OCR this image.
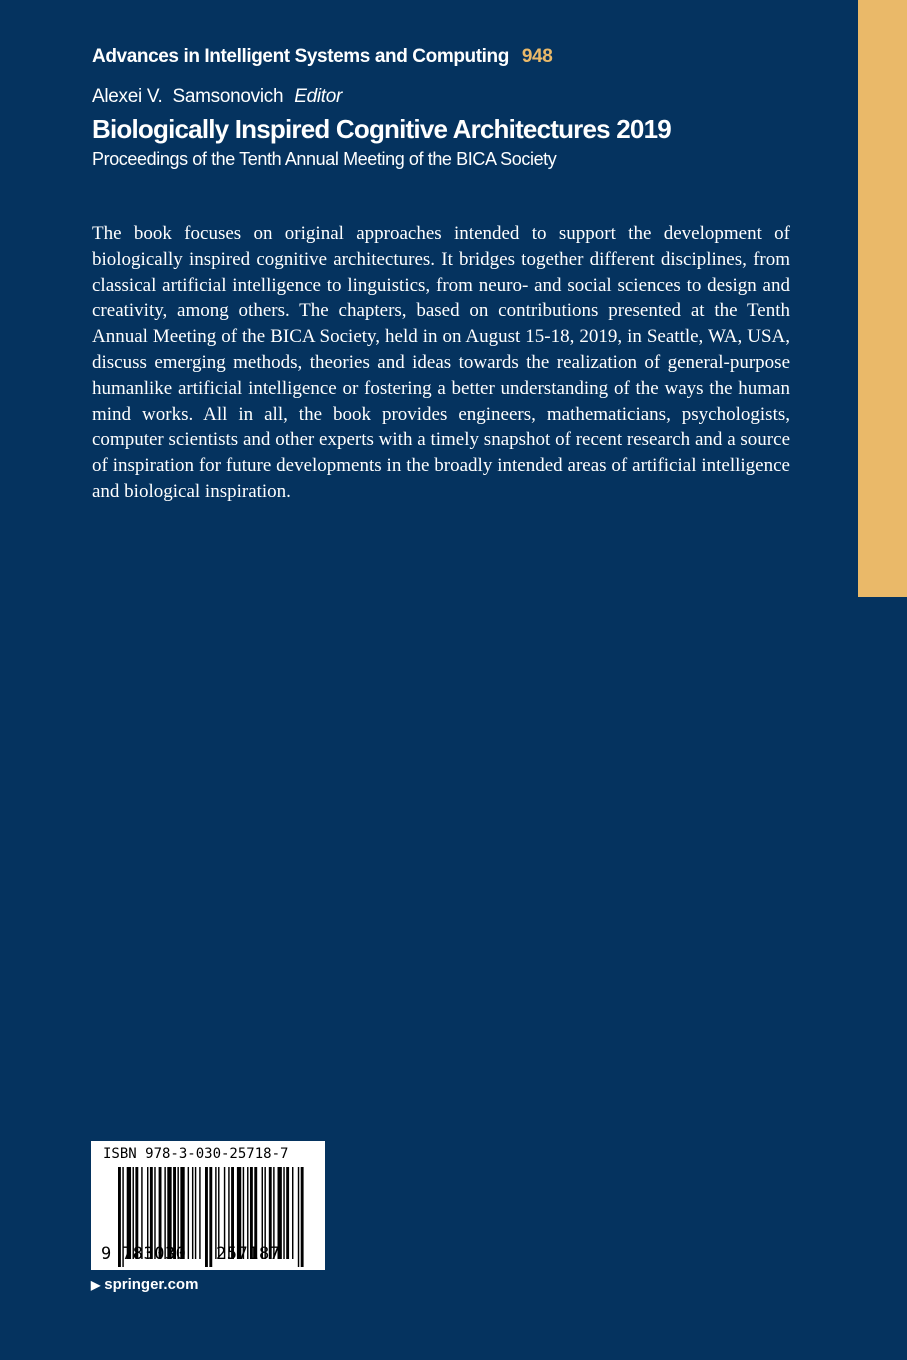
Advances in Intelligent Systems and Computing 948
Alexei V.  Samsonovich Editor
Biologically Inspired Cognitive Architectures 2019
Proceedings of the Tenth Annual Meeting of the BICA Society
The book focuses on original approaches intended to support the development of biologically inspired cognitive architectures. It bridges together different disciplines, from classical artificial intelligence to linguistics, from neuro- and social sciences to design and creativity, among others. The chapters, based on contributions presented at the Tenth Annual Meeting of the BICA Society, held in on August 15-18, 2019, in Seattle, WA, USA, discuss emerging methods, theories and ideas towards the realization of general-purpose humanlike artificial intelligence or fostering a better understanding of the ways the human mind works. All in all, the book provides engineers, mathematicians, psychologists, computer scientists and other experts with a timely snapshot of recent research and a source of inspiration for future developments in the broadly intended areas of artificial intelligence and biological inspiration.
ISBN 978-3-030-25718-7
9 783030 257187
▶ springer.com
